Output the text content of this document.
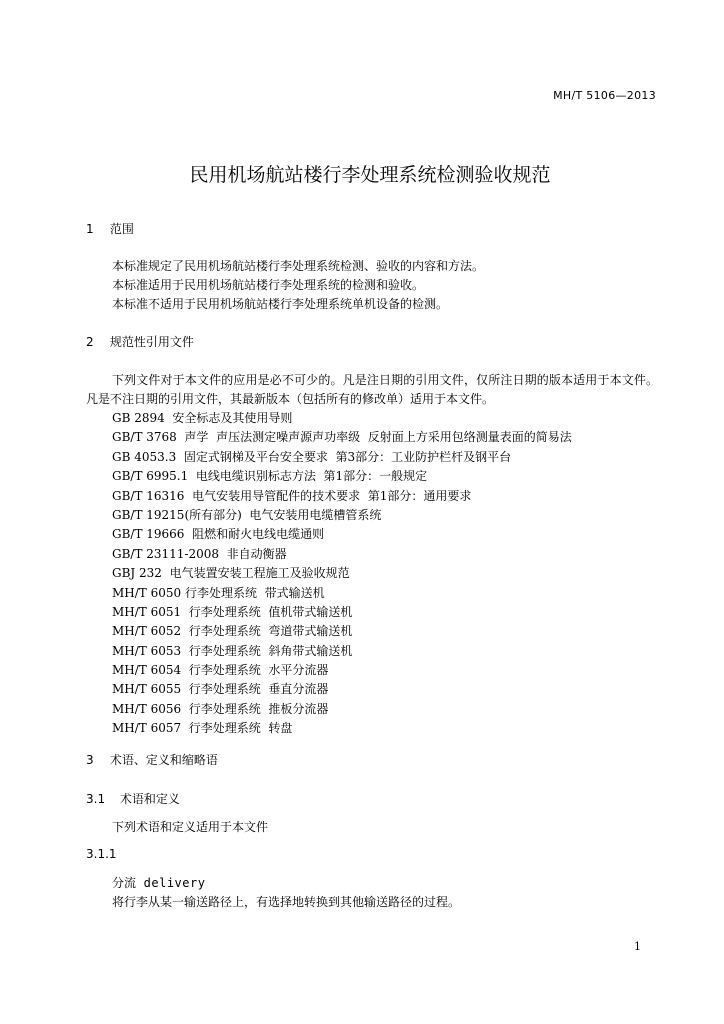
MH/T 5106—2013
民用机场航站楼行李处理系统检测验收规范
1 范围
本标准规定了民用机场航站楼行李处理系统检测、验收的内容和方法。
本标准适用于民用机场航站楼行李处理系统的检测和验收。
本标准不适用于民用机场航站楼行李处理系统单机设备的检测。
2 规范性引用文件
下列文件对于本文件的应用是必不可少的。凡是注日期的引用文件，仅所注日期的版本适用于本文件。凡是不注日期的引用文件，其最新版本（包括所有的修改单）适用于本文件。
GB 2894  安全标志及其使用导则
GB/T 3768  声学  声压法测定噪声源声功率级  反射面上方采用包络测量表面的简易法
GB 4053.3  固定式钢梯及平台安全要求  第3部分：工业防护栏杆及钢平台
GB/T 6995.1  电线电缆识别标志方法  第1部分：一般规定
GB/T 16316  电气安装用导管配件的技术要求  第1部分：通用要求
GB/T 19215(所有部分)  电气安装用电缆槽管系统
GB/T 19666  阻燃和耐火电线电缆通则
GB/T 23111-2008  非自动衡器
GBJ 232  电气装置安装工程施工及验收规范
MH/T 6050 行李处理系统  带式输送机
MH/T 6051  行李处理系统  值机带式输送机
MH/T 6052  行李处理系统  弯道带式输送机
MH/T 6053  行李处理系统  斜角带式输送机
MH/T 6054  行李处理系统  水平分流器
MH/T 6055  行李处理系统  垂直分流器
MH/T 6056  行李处理系统  推板分流器
MH/T 6057  行李处理系统  转盘
3 术语、定义和缩略语
3.1 术语和定义
下列术语和定义适用于本文件
3.1.1
分流 delivery
将行李从某一输送路径上，有选择地转换到其他输送路径的过程。
1
